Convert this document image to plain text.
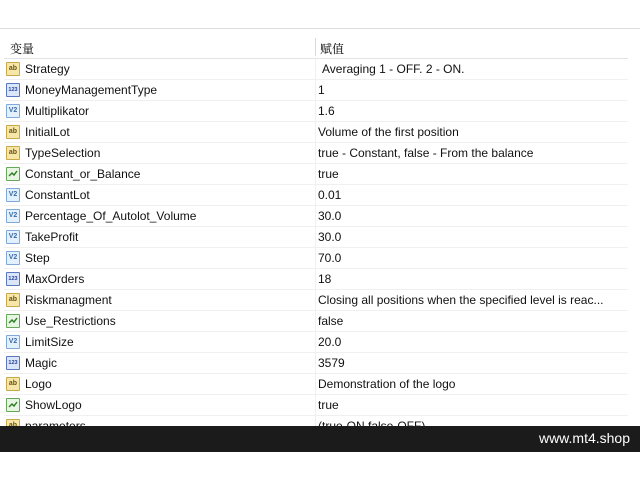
变量	赋值
ab Strategy	Averaging 1 - OFF. 2 - ON.
123 MoneyManagementType	1
V2 Multiplikator	1.6
ab InitialLot	Volume of the first position
ab TypeSelection	true - Constant, false - From the balance
Constant_or_Balance	true
V2 ConstantLot	0.01
V2 Percentage_Of_Autolot_Volume	30.0
V2 TakeProfit	30.0
V2 Step	70.0
123 MaxOrders	18
ab Riskmanagment	Closing all positions when the specified level is reac...
Use_Restrictions	false
V2 LimitSize	20.0
123 Magic	3579
ab Logo	Demonstration of the logo
ShowLogo	true
www.mt4.shop
